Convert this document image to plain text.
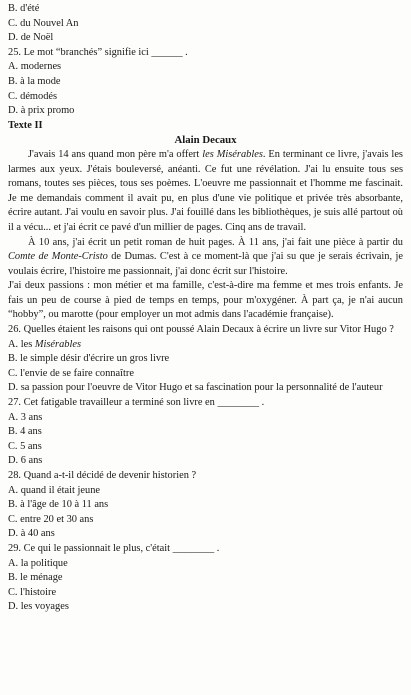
B. d'été
C. du Nouvel An
D. de Noël
25. Le mot “branchés” signifie ici ______ .
A. modernes
B. à la mode
C. démodés
D. à prix promo
Texte II
Alain Decaux

J'avais 14 ans quand mon père m'a offert les Misérables. En terminant ce livre, j'avais les larmes aux yeux. J'étais bouleversé, anéanti. Ce fut une révélation. J'ai lu ensuite tous ses romans, toutes ses pièces, tous ses poèmes. L'oeuvre me passionnait et l'homme me fascinait. Je me demandais comment il avait pu, en plus d'une vie politique et privée très absorbante, écrire autant. J'ai voulu en savoir plus. J'ai fouillé dans les bibliothèques, je suis allé partout où il a vécu... et j'ai écrit ce pavé d'un millier de pages. Cinq ans de travail.

À 10 ans, j'ai écrit un petit roman de huit pages. À 11 ans, j'ai fait une pièce à partir du Comte de Monte-Cristo de Dumas. C'est à ce moment-là que j'ai su que je serais écrivain, je voulais écrire, l'histoire me passionnait, j'ai donc écrit sur l'histoire.

J'ai deux passions : mon métier et ma famille, c'est-à-dire ma femme et mes trois enfants. Je fais un peu de course à pied de temps en temps, pour m'oxygéner. À part ça, je n'ai aucun “hobby”, ou marotte (pour employer un mot admis dans l'académie française).

26. Quelles étaient les raisons qui ont poussé Alain Decaux à écrire un livre sur Vitor Hugo ?
A. les Misérables
B. le simple désir d'écrire un gros livre
C. l'envie de se faire connaître
D. sa passion pour l'oeuvre de Vitor Hugo et sa fascination pour la personnalité de l'auteur
27. Cet fatigable travailleur a terminé son livre en ________ .
A. 3 ans
B. 4 ans
C. 5 ans
D. 6 ans
28. Quand a-t-il décidé de devenir historien ?
A. quand il était jeune
B. à l'âge de 10 à 11 ans
C. entre 20 et 30 ans
D. à 40 ans
29. Ce qui le passionnait le plus, c'était ________ .
A. la politique
B. le ménage
C. l'histoire
D. les voyages
